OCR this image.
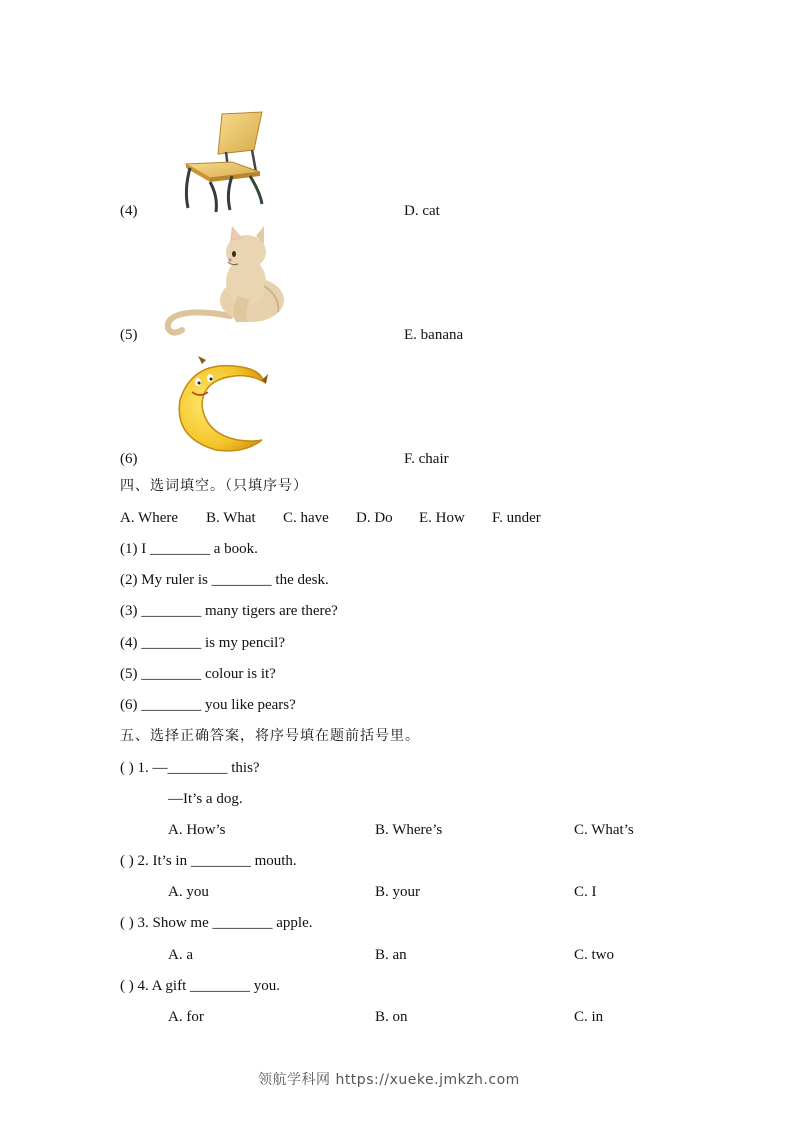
(4)	D. cat
(5)	E. banana
(6)	F. chair
四、选词填空。（只填序号）
A. Where B. What C. have D. Do E. How F. under
(1) I ________ a book.
(2) My ruler is ________ the desk.
(3) ________ many tigers are there?
(4) ________ is my pencil?
(5) ________ colour is it?
(6) ________ you like pears?
五、选择正确答案，将序号填在题前括号里。
( ) 1. —________ this?
—It’s a dog.
A. How’s	B. Where’s	C. What’s
( ) 2. It’s in ________ mouth.
A. you	B. your	C. I
( ) 3. Show me ________ apple.
A. a	B. an	C. two
( ) 4. A gift ________ you.
A. for	B. on	C. in
领航学科网 https://xueke.jmkzh.com
